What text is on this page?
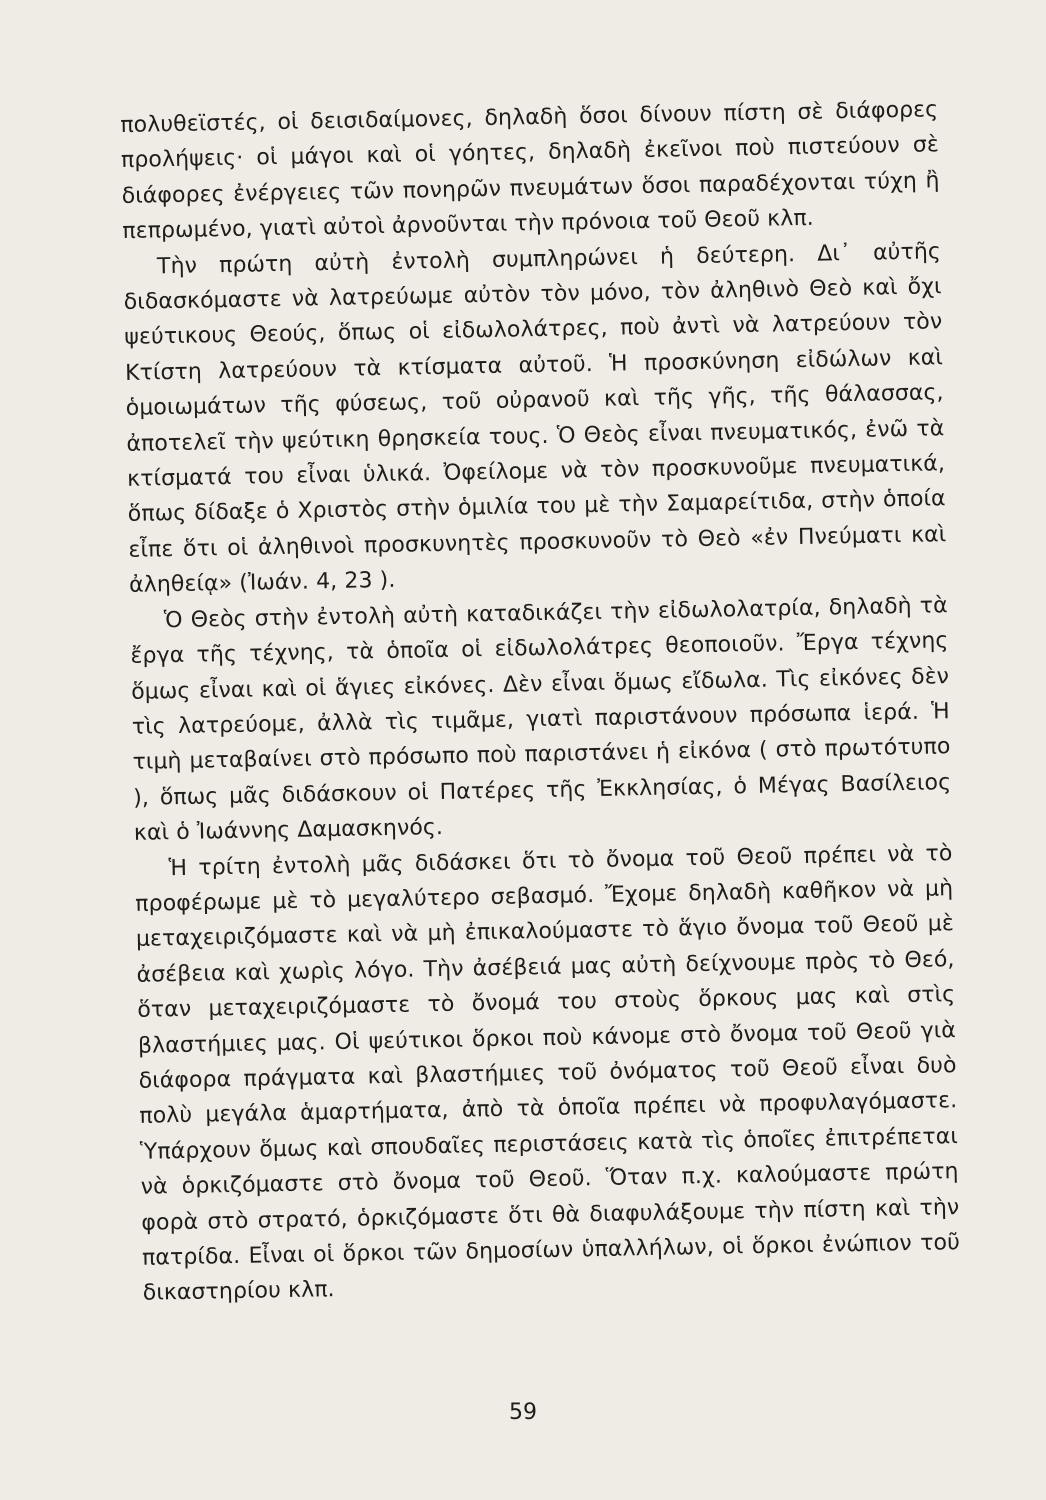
πολυθεϊστές, οἱ δεισιδαίμονες, δηλαδὴ ὅσοι δίνουν πίστη σὲ διάφορες προλήψεις· οἱ μάγοι καὶ οἱ γόητες, δηλαδὴ ἐκεῖνοι ποὺ πιστεύουν σὲ διάφορες ἐνέργειες τῶν πονηρῶν πνευμάτων ὅσοι παραδέχονται τύχη ἢ πεπρωμένο, γιατὶ αὐτοὶ ἀρνοῦνται τὴν πρόνοια τοῦ Θεοῦ κλπ.

Τὴν πρώτη αὐτὴ ἐντολὴ συμπληρώνει ἡ δεύτερη. Δι᾽ αὐτῆς διδασκόμαστε νὰ λατρεύωμε αὐτὸν τὸν μόνο, τὸν ἀληθινὸ Θεὸ καὶ ὄχι ψεύτικους Θεούς, ὅπως οἱ εἰδωλολάτρες, ποὺ ἀντὶ νὰ λατρεύουν τὸν Κτίστη λατρεύουν τὰ κτίσματα αὐτοῦ. Ἡ προσκύνηση εἰδώλων καὶ ὁμοιωμάτων τῆς φύσεως, τοῦ οὐρανοῦ καὶ τῆς γῆς, τῆς θάλασσας, ἀποτελεῖ τὴν ψεύτικη θρησκεία τους. Ὁ Θεὸς εἶναι πνευματικός, ἐνῶ τὰ κτίσματά του εἶναι ὑλικά. Ὀφείλομε νὰ τὸν προσκυνοῦμε πνευματικά, ὅπως δίδαξε ὁ Χριστὸς στὴν ὁμιλία του μὲ τὴν Σαμαρείτιδα, στὴν ὁποία εἶπε ὅτι οἱ ἀληθινοὶ προσκυνητὲς προσκυνοῦν τὸ Θεὸ «ἐν Πνεύματι καὶ ἀληθείᾳ» (Ἰωάν. 4, 23 ).

Ὁ Θεὸς στὴν ἐντολὴ αὐτὴ καταδικάζει τὴν εἰδωλολατρία, δηλαδὴ τὰ ἔργα τῆς τέχνης, τὰ ὁποῖα οἱ εἰδωλολάτρες θεοποιοῦν. Ἔργα τέχνης ὅμως εἶναι καὶ οἱ ἅγιες εἰκόνες. Δὲν εἶναι ὅμως εἴδωλα. Τὶς εἰκόνες δὲν τὶς λατρεύομε, ἀλλὰ τὶς τιμᾶμε, γιατὶ παριστάνουν πρόσωπα ἱερά. Ἡ τιμὴ μεταβαίνει στὸ πρόσωπο ποὺ παριστάνει ἡ εἰκόνα ( στὸ πρωτότυπο ), ὅπως μᾶς διδάσκουν οἱ Πατέρες τῆς Ἐκκλησίας, ὁ Μέγας Βασίλειος καὶ ὁ Ἰωάννης Δαμασκηνός.

Ἡ τρίτη ἐντολὴ μᾶς διδάσκει ὅτι τὸ ὄνομα τοῦ Θεοῦ πρέπει νὰ τὸ προφέρωμε μὲ τὸ μεγαλύτερο σεβασμό. Ἔχομε δηλαδὴ καθῆκον νὰ μὴ μεταχειριζόμαστε καὶ νὰ μὴ ἐπικαλούμαστε τὸ ἅγιο ὄνομα τοῦ Θεοῦ μὲ ἀσέβεια καὶ χωρὶς λόγο. Τὴν ἀσέβειά μας αὐτὴ δείχνουμε πρὸς τὸ Θεό, ὅταν μεταχειριζόμαστε τὸ ὄνομά του στοὺς ὅρκους μας καὶ στὶς βλαστήμιες μας. Οἱ ψεύτικοι ὅρκοι ποὺ κάνομε στὸ ὄνομα τοῦ Θεοῦ γιὰ διάφορα πράγματα καὶ βλαστήμιες τοῦ ὀνόματος τοῦ Θεοῦ εἶναι δυὸ πολὺ μεγάλα ἁμαρτήματα, ἀπὸ τὰ ὁποῖα πρέπει νὰ προφυλαγόμαστε. Ὑπάρχουν ὅμως καὶ σπουδαῖες περιστάσεις κατὰ τὶς ὁποῖες ἐπιτρέπεται νὰ ὁρκιζόμαστε στὸ ὄνομα τοῦ Θεοῦ. Ὅταν π.χ. καλούμαστε πρώτη φορὰ στὸ στρατό, ὁρκιζόμαστε ὅτι θὰ διαφυλάξουμε τὴν πίστη καὶ τὴν πατρίδα. Εἶναι οἱ ὅρκοι τῶν δημοσίων ὑπαλλήλων, οἱ ὅρκοι ἐνώπιον τοῦ δικαστηρίου κλπ.

59
